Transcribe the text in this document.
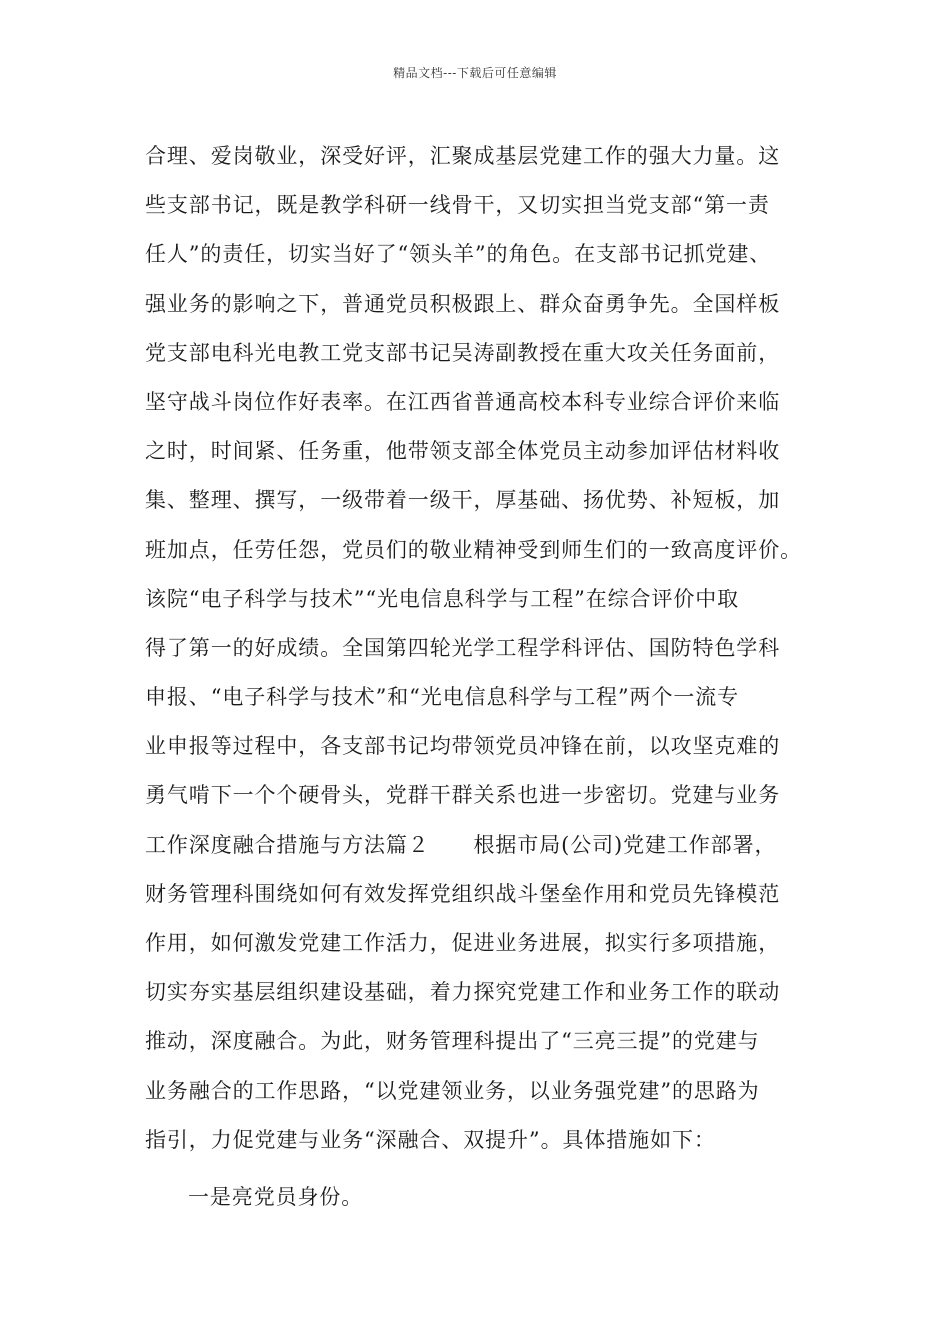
精品文档---下载后可任意编辑
合理、爱岗敬业，深受好评，汇聚成基层党建工作的强大力量。这
些支部书记，既是教学科研一线骨干，又切实担当党支部“第一责
任人”的责任，切实当好了“领头羊”的角色。在支部书记抓党建、
强业务的影响之下，普通党员积极跟上、群众奋勇争先。全国样板
党支部电科光电教工党支部书记吴涛副教授在重大攻关任务面前，
坚守战斗岗位作好表率。在江西省普通高校本科专业综合评价来临
之时，时间紧、任务重，他带领支部全体党员主动参加评估材料收
集、整理、撰写，一级带着一级干，厚基础、扬优势、补短板，加
班加点，任劳任怨，党员们的敬业精神受到师生们的一致高度评价。
该院“电子科学与技术”“光电信息科学与工程”在综合评价中取
得了第一的好成绩。全国第四轮光学工程学科评估、国防特色学科
申报、“电子科学与技术”和“光电信息科学与工程”两个一流专
业申报等过程中，各支部书记均带领党员冲锋在前，以攻坚克难的
勇气啃下一个个硬骨头，党群干群关系也进一步密切。党建与业务
工作深度融合措施与方法篇２　　根据市局(公司)党建工作部署，
财务管理科围绕如何有效发挥党组织战斗堡垒作用和党员先锋模范
作用，如何激发党建工作活力，促进业务进展，拟实行多项措施，
切实夯实基层组织建设基础，着力探究党建工作和业务工作的联动
推动，深度融合。为此，财务管理科提出了“三亮三提”的党建与
业务融合的工作思路，“以党建领业务，以业务强党建”的思路为
指引，力促党建与业务“深融合、双提升”。具体措施如下：
一是亮党员身份。
